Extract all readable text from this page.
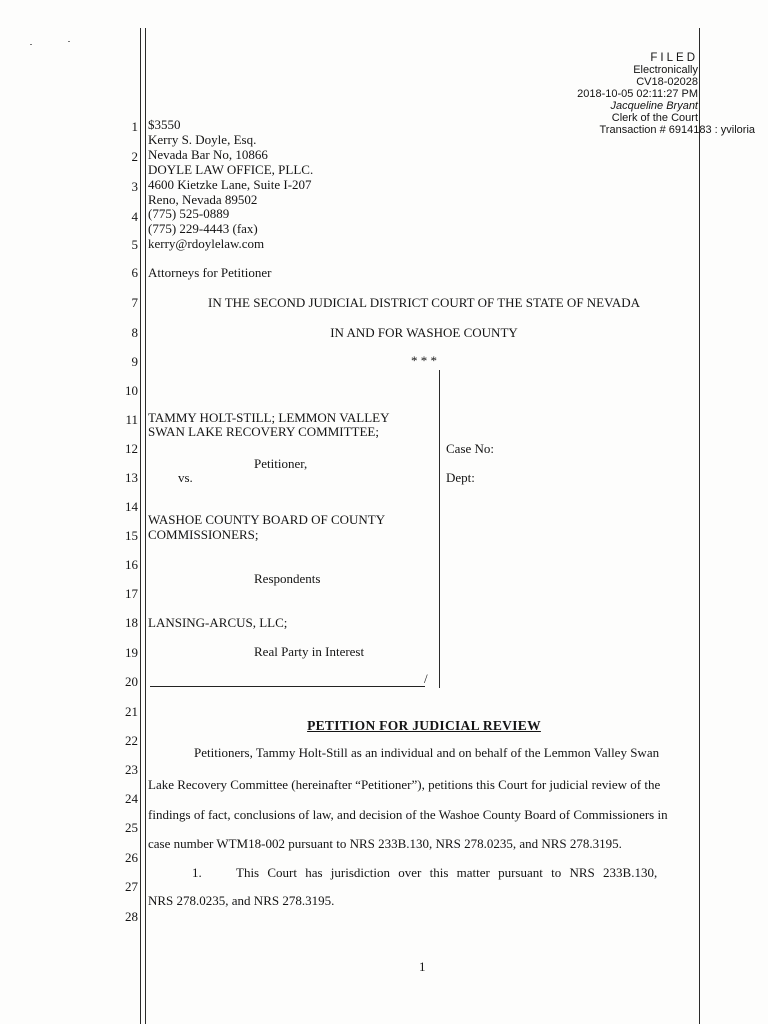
FILED
Electronically
CV18-02028
2018-10-05 02:11:27 PM
Jacqueline Bryant
Clerk of the Court
Transaction # 6914183 : yviloria
1
2
3
4
5
6
7
8
9
10
11
12
13
14
15
16
17
18
19
20
21
22
23
24
25
26
27
28
$3550
Kerry S. Doyle, Esq.
Nevada Bar No, 10866
DOYLE LAW OFFICE, PLLC.
4600 Kietzke Lane, Suite I-207
Reno, Nevada 89502
(775) 525-0889
(775) 229-4443 (fax)
kerry@rdoylelaw.com
Attorneys for Petitioner
IN THE SECOND JUDICIAL DISTRICT COURT OF THE STATE OF NEVADA
IN AND FOR WASHOE COUNTY
* * *
TAMMY HOLT-STILL; LEMMON VALLEY
SWAN LAKE RECOVERY COMMITTEE;
Petitioner,
vs.
WASHOE COUNTY BOARD OF COUNTY
COMMISSIONERS;
Respondents
LANSING-ARCUS, LLC;
Real Party in Interest
/
Case No:
Dept:
PETITION FOR JUDICIAL REVIEW
Petitioners, Tammy Holt-Still as an individual and on behalf of the Lemmon Valley Swan
Lake Recovery Committee (hereinafter “Petitioner”), petitions this Court for judicial review of the
findings of fact, conclusions of law, and decision of the Washoe County Board of Commissioners in
case number WTM18-002 pursuant to NRS 233B.130, NRS 278.0235, and NRS 278.3195.
1.	This Court has jurisdiction over this matter pursuant to NRS 233B.130,
NRS 278.0235, and NRS 278.3195.
1
